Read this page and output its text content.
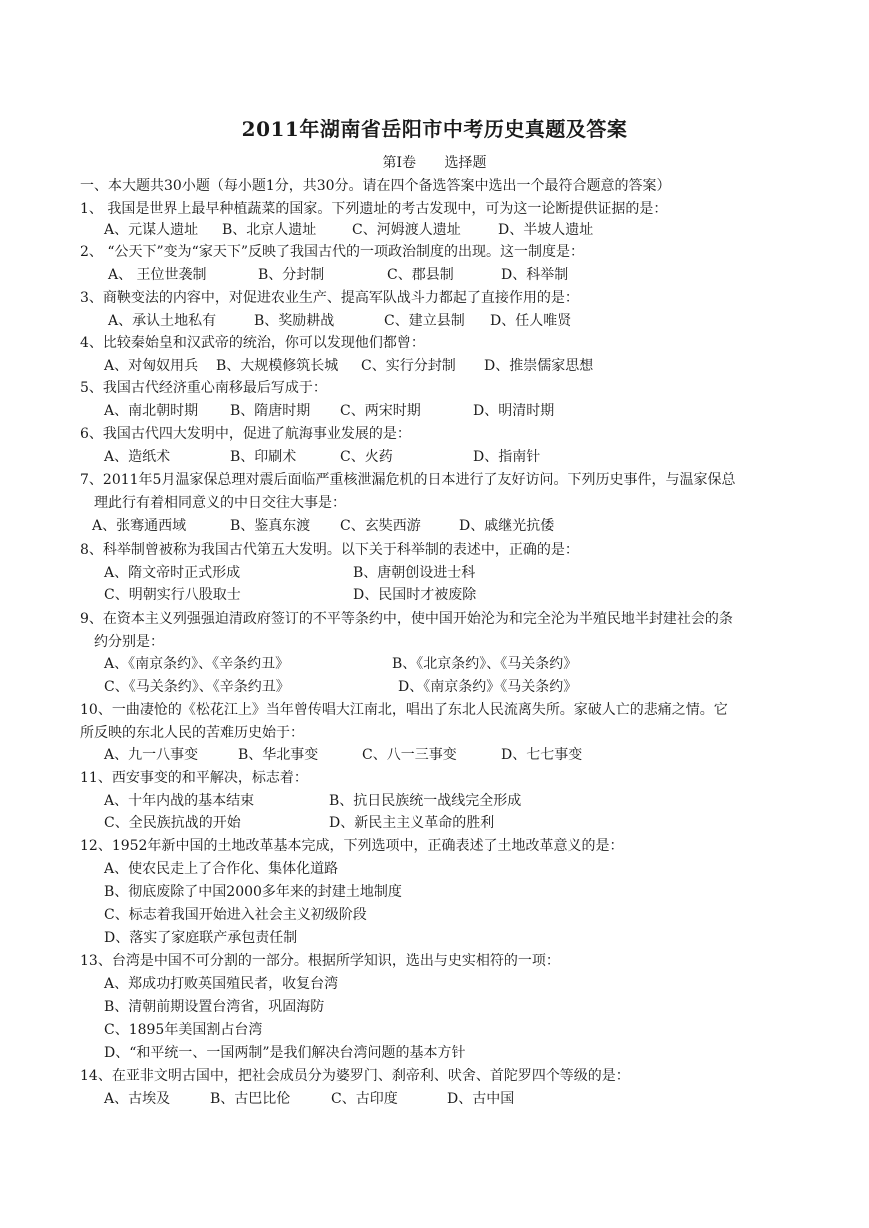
2011年湖南省岳阳市中考历史真题及答案
第Ⅰ卷 选择题
一、本大题共30小题（每小题1分，共30分。请在四个备选答案中选出一个最符合题意的答案）
1、 我国是世界上最早种植蔬菜的国家。下列遗址的考古发现中，可为这一论断提供证据的是：
A、元谋人遗址 B、北京人遗址	C、河姆渡人遗址	D、半坡人遗址
2、 “公天下”变为“家天下”反映了我国古代的一项政治制度的出现。这一制度是：
A、 王位世袭制	B、分封制	C、郡县制	D、科举制
3、商鞅变法的内容中，对促进农业生产、提高军队战斗力都起了直接作用的是：
A、承认土地私有	B、奖励耕战	C、建立县制 D、任人唯贤
4、比较秦始皇和汉武帝的统治，你可以发现他们都曾：
A、对匈奴用兵 B、大规模修筑长城 C、实行分封制 D、推崇儒家思想
5、我国古代经济重心南移最后写成于：
A、南北朝时期 B、隋唐时期 C、两宋时期	D、明清时期
6、我国古代四大发明中，促进了航海事业发展的是：
A、造纸术	B、印刷术	C、火药	D、指南针
7、2011年5月温家保总理对震后面临严重核泄漏危机的日本进行了友好访问。下列历史事件，与温家保总
理此行有着相同意义的中日交往大事是：
A、张骞通西域	B、鉴真东渡 C、玄奘西游	D、戚继光抗倭
8、科举制曾被称为我国古代第五大发明。以下关于科举制的表述中，正确的是：
A、隋文帝时正式形成	B、唐朝创设进士科
C、明朝实行八股取士	D、民国时才被废除
9、在资本主义列强强迫清政府签订的不平等条约中，使中国开始沦为和完全沦为半殖民地半封建社会的条
约分别是：
A、《南京条约》、《辛条约丑》	B、《北京条约》、《马关条约》
C、《马关条约》、《辛条约丑》	D、《南京条约》《马关条约》
10、一曲凄怆的《松花江上》当年曾传唱大江南北，唱出了东北人民流离失所。家破人亡的悲痛之情。它
所反映的东北人民的苦难历史始于：
A、九一八事变	B、华北事变	C、八一三事变	D、七七事变
11、西安事变的和平解决，标志着：
A、十年内战的基本结束	B、抗日民族统一战线完全形成
C、全民族抗战的开始	D、新民主主义革命的胜利
12、1952年新中国的土地改革基本完成，下列选项中，正确表述了土地改革意义的是：
A、使农民走上了合作化、集体化道路
B、彻底废除了中国2000多年来的封建土地制度
C、标志着我国开始进入社会主义初级阶段
D、落实了家庭联产承包责任制
13、台湾是中国不可分割的一部分。根据所学知识，选出与史实相符的一项：
A、郑成功打败英国殖民者，收复台湾
B、清朝前期设置台湾省，巩固海防
C、1895年美国割占台湾
D、“和平统一、一国两制”是我们解决台湾问题的基本方针
14、在亚非文明古国中，把社会成员分为婆罗门、刹帝利、吠舍、首陀罗四个等级的是：
A、古埃及	B、古巴比伦	C、古印度	D、古中国
